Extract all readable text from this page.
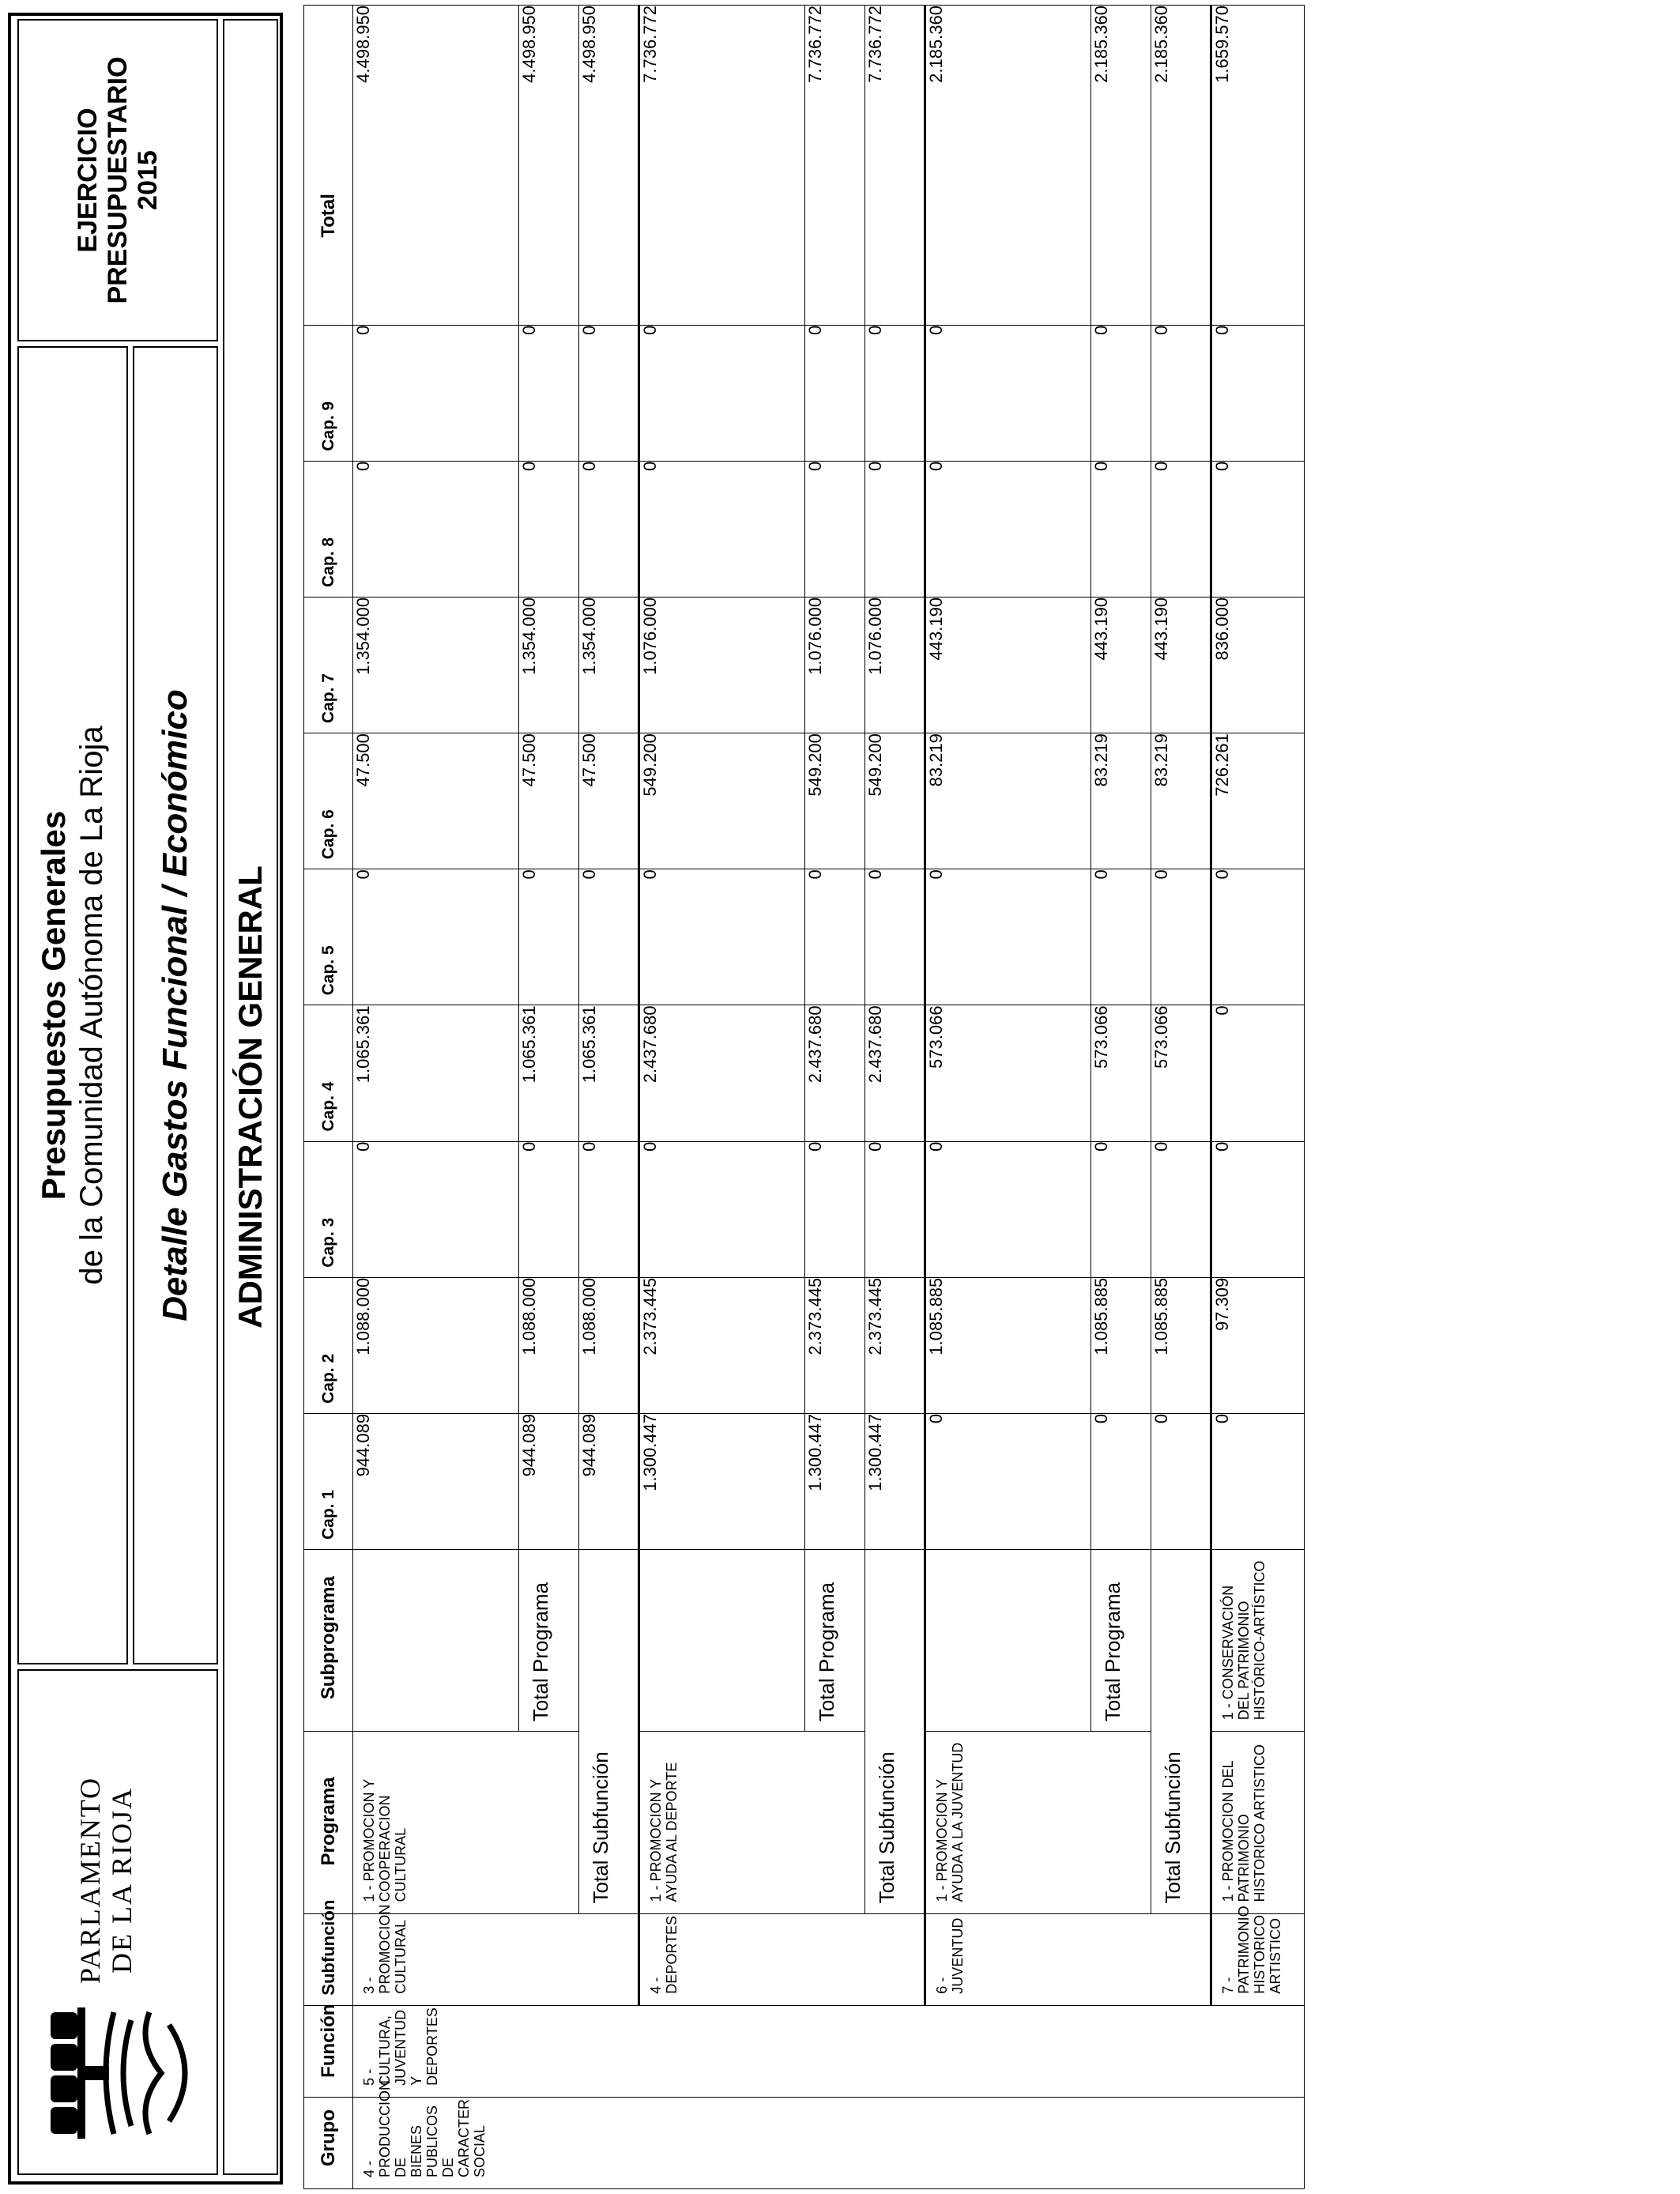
PARLAMENTO DE LA RIOJA
Presupuestos Generales de la Comunidad Autónoma de La Rioja Detalle Gastos Funcional / Económico
EJERCICIO PRESUPUESTARIO 2015
ADMINISTRACIÓN GENERAL
Grupo	Función	Subfunción	Programa	Subprograma	Cap. 1	Cap. 2	Cap. 3	Cap. 4	Cap. 5	Cap. 6	Cap. 7	Cap. 8	Cap. 9	Total

4 - PRODUCCION DE BIENES PUBLICOS DE CARACTER SOCIAL	5 - CULTURA, JUVENTUD Y DEPORTES	3 - PROMOCION CULTURAL	1 - PROMOCION Y COOPERACION CULTURAL		944.089	1.088.000	0	1.065.361	0	47.500	1.354.000	0	0	4.498.950

				Total Programa	944.089	1.088.000	0	1.065.361	0	47.500	1.354.000	0	0	4.498.950

			Total Subfunción		944.089	1.088.000	0	1.065.361	0	47.500	1.354.000	0	0	4.498.950

		4 - DEPORTES	1 - PROMOCION Y AYUDA AL DEPORTE		1.300.447	2.373.445	0	2.437.680	0	549.200	1.076.000	0	0	7.736.772

				Total Programa	1.300.447	2.373.445	0	2.437.680	0	549.200	1.076.000	0	0	7.736.772

			Total Subfunción		1.300.447	2.373.445	0	2.437.680	0	549.200	1.076.000	0	0	7.736.772

		6 - JUVENTUD	1 - PROMOCION Y AYUDA A LA JUVENTUD		0	1.085.885	0	573.066	0	83.219	443.190	0	0	2.185.360

				Total Programa	0	1.085.885	0	573.066	0	83.219	443.190	0	0	2.185.360

			Total Subfunción		0	1.085.885	0	573.066	0	83.219	443.190	0	0	2.185.360

		7 - PATRIMONIO HISTORICO ARTISTICO	1 - PROMOCION DEL PATRIMONIO HISTORICO ARTISTICO	1 - CONSERVACIÓN DEL PATRIMONIO HISTÓRICO-ARTÍSTICO	0	97.309	0	0	0	726.261	836.000	0	0	1.659.570
